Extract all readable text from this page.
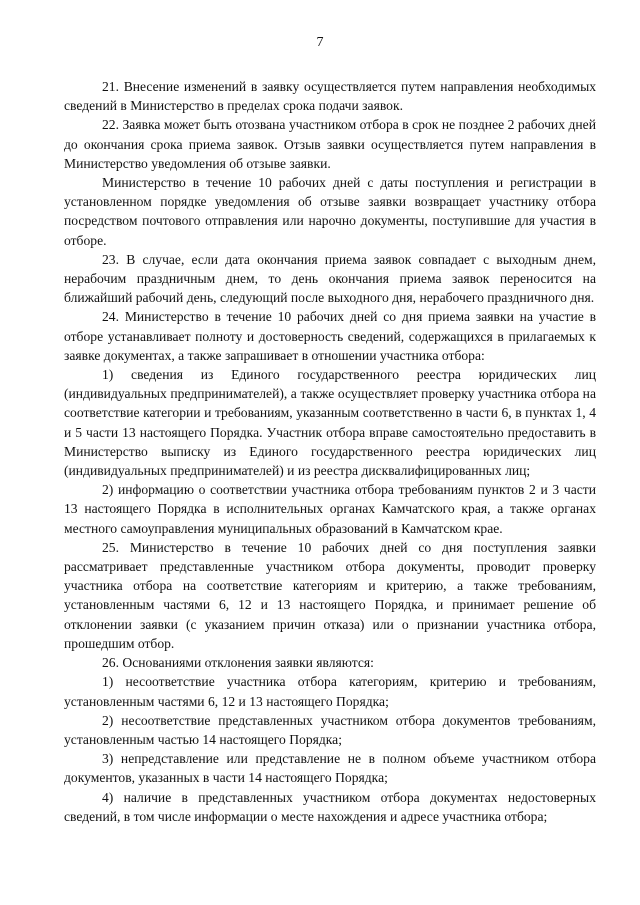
7

21. Внесение изменений в заявку осуществляется путем направления необходимых сведений в Министерство в пределах срока подачи заявок.

22. Заявка может быть отозвана участником отбора в срок не позднее 2 рабочих дней до окончания срока приема заявок. Отзыв заявки осуществляется путем направления в Министерство уведомления об отзыве заявки.

Министерство в течение 10 рабочих дней с даты поступления и регистрации в установленном порядке уведомления об отзыве заявки возвращает участнику отбора посредством почтового отправления или нарочно документы, поступившие для участия в отборе.

23. В случае, если дата окончания приема заявок совпадает с выходным днем, нерабочим праздничным днем, то день окончания приема заявок переносится на ближайший рабочий день, следующий после выходного дня, нерабочего праздничного дня.

24. Министерство в течение 10 рабочих дней со дня приема заявки на участие в отборе устанавливает полноту и достоверность сведений, содержащихся в прилагаемых к заявке документах, а также запрашивает в отношении участника отбора:

1) сведения из Единого государственного реестра юридических лиц (индивидуальных предпринимателей), а также осуществляет проверку участника отбора на соответствие категории и требованиям, указанным соответственно в части 6, в пунктах 1, 4 и 5 части 13 настоящего Порядка. Участник отбора вправе самостоятельно предоставить в Министерство выписку из Единого государственного реестра юридических лиц (индивидуальных предпринимателей) и из реестра дисквалифицированных лиц;

2) информацию о соответствии участника отбора требованиям пунктов 2 и 3 части 13 настоящего Порядка в исполнительных органах Камчатского края, а также органах местного самоуправления муниципальных образований в Камчатском крае.

25. Министерство в течение 10 рабочих дней со дня поступления заявки рассматривает представленные участником отбора документы, проводит проверку участника отбора на соответствие категориям и критерию, а также требованиям, установленным частями 6, 12 и 13 настоящего Порядка, и принимает решение об отклонении заявки (с указанием причин отказа) или о признании участника отбора, прошедшим отбор.

26. Основаниями отклонения заявки являются:

1) несоответствие участника отбора категориям, критерию и требованиям, установленным частями 6, 12 и 13 настоящего Порядка;

2) несоответствие представленных участником отбора документов требованиям, установленным частью 14 настоящего Порядка;

3) непредставление или представление не в полном объеме участником отбора документов, указанных в части 14 настоящего Порядка;

4) наличие в представленных участником отбора документах недостоверных сведений, в том числе информации о месте нахождения и адресе участника отбора;
